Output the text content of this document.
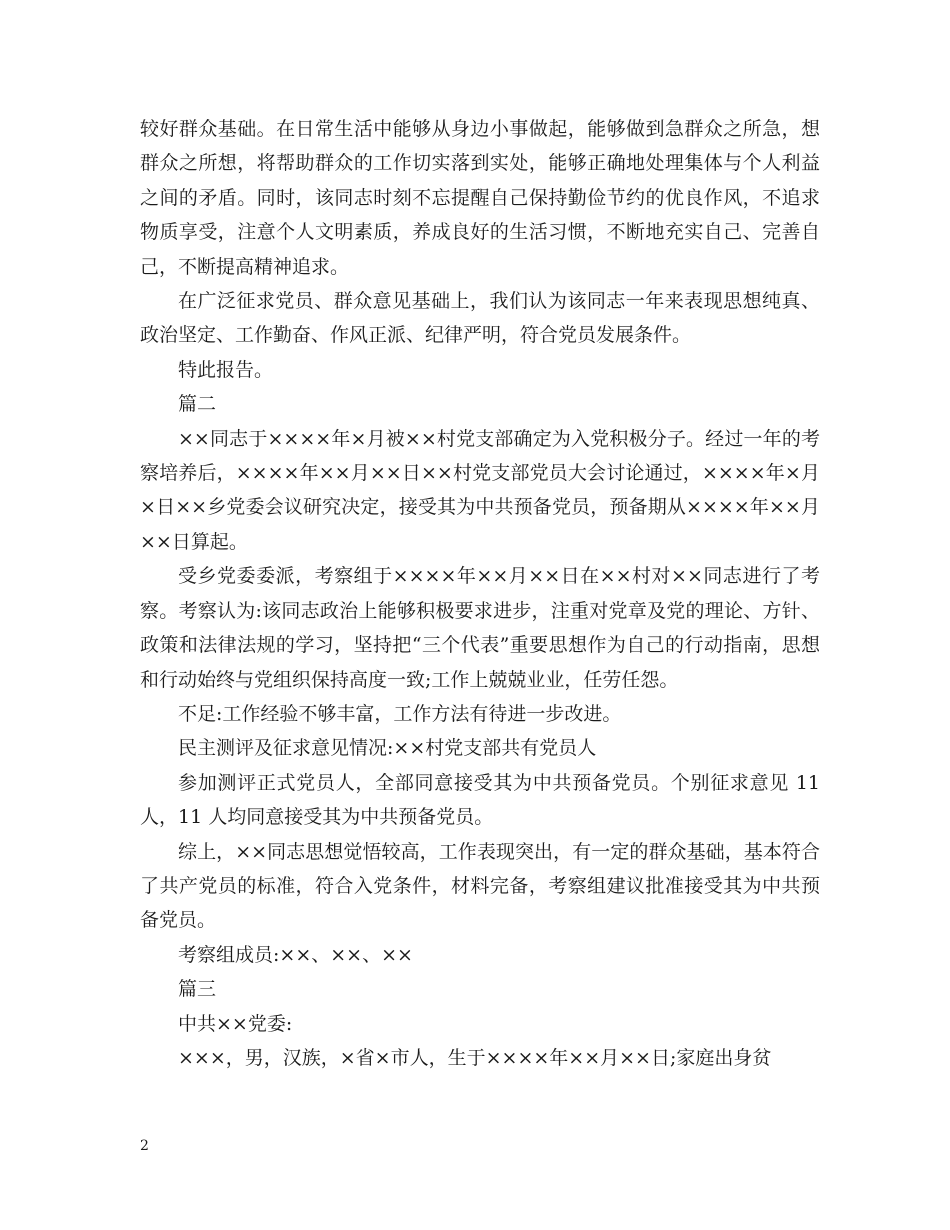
较好群众基础。在日常生活中能够从身边小事做起，能够做到急群众之所急，想群众之所想，将帮助群众的工作切实落到实处，能够正确地处理集体与个人利益之间的矛盾。同时，该同志时刻不忘提醒自己保持勤俭节约的优良作风，不追求物质享受，注意个人文明素质，养成良好的生活习惯，不断地充实自己、完善自己，不断提高精神追求。

在广泛征求党员、群众意见基础上，我们认为该同志一年来表现思想纯真、政治坚定、工作勤奋、作风正派、纪律严明，符合党员发展条件。

特此报告。

篇二

××同志于××××年×月被××村党支部确定为入党积极分子。经过一年的考察培养后，××××年××月××日××村党支部党员大会讨论通过，××××年×月×日××乡党委会议研究决定，接受其为中共预备党员，预备期从××××年××月××日算起。

受乡党委委派，考察组于××××年××月××日在××村对××同志进行了考察。考察认为:该同志政治上能够积极要求进步，注重对党章及党的理论、方针、政策和法律法规的学习，坚持把“三个代表”重要思想作为自己的行动指南，思想和行动始终与党组织保持高度一致;工作上兢兢业业，任劳任怨。

不足:工作经验不够丰富，工作方法有待进一步改进。

民主测评及征求意见情况:××村党支部共有党员人

参加测评正式党员人，全部同意接受其为中共预备党员。个别征求意见 11 人，11 人均同意接受其为中共预备党员。

综上，××同志思想觉悟较高，工作表现突出，有一定的群众基础，基本符合了共产党员的标准，符合入党条件，材料完备，考察组建议批准接受其为中共预备党员。

考察组成员:××、××、××

篇三

中共××党委:

×××，男，汉族，×省×市人，生于××××年××月××日;家庭出身贫

2
